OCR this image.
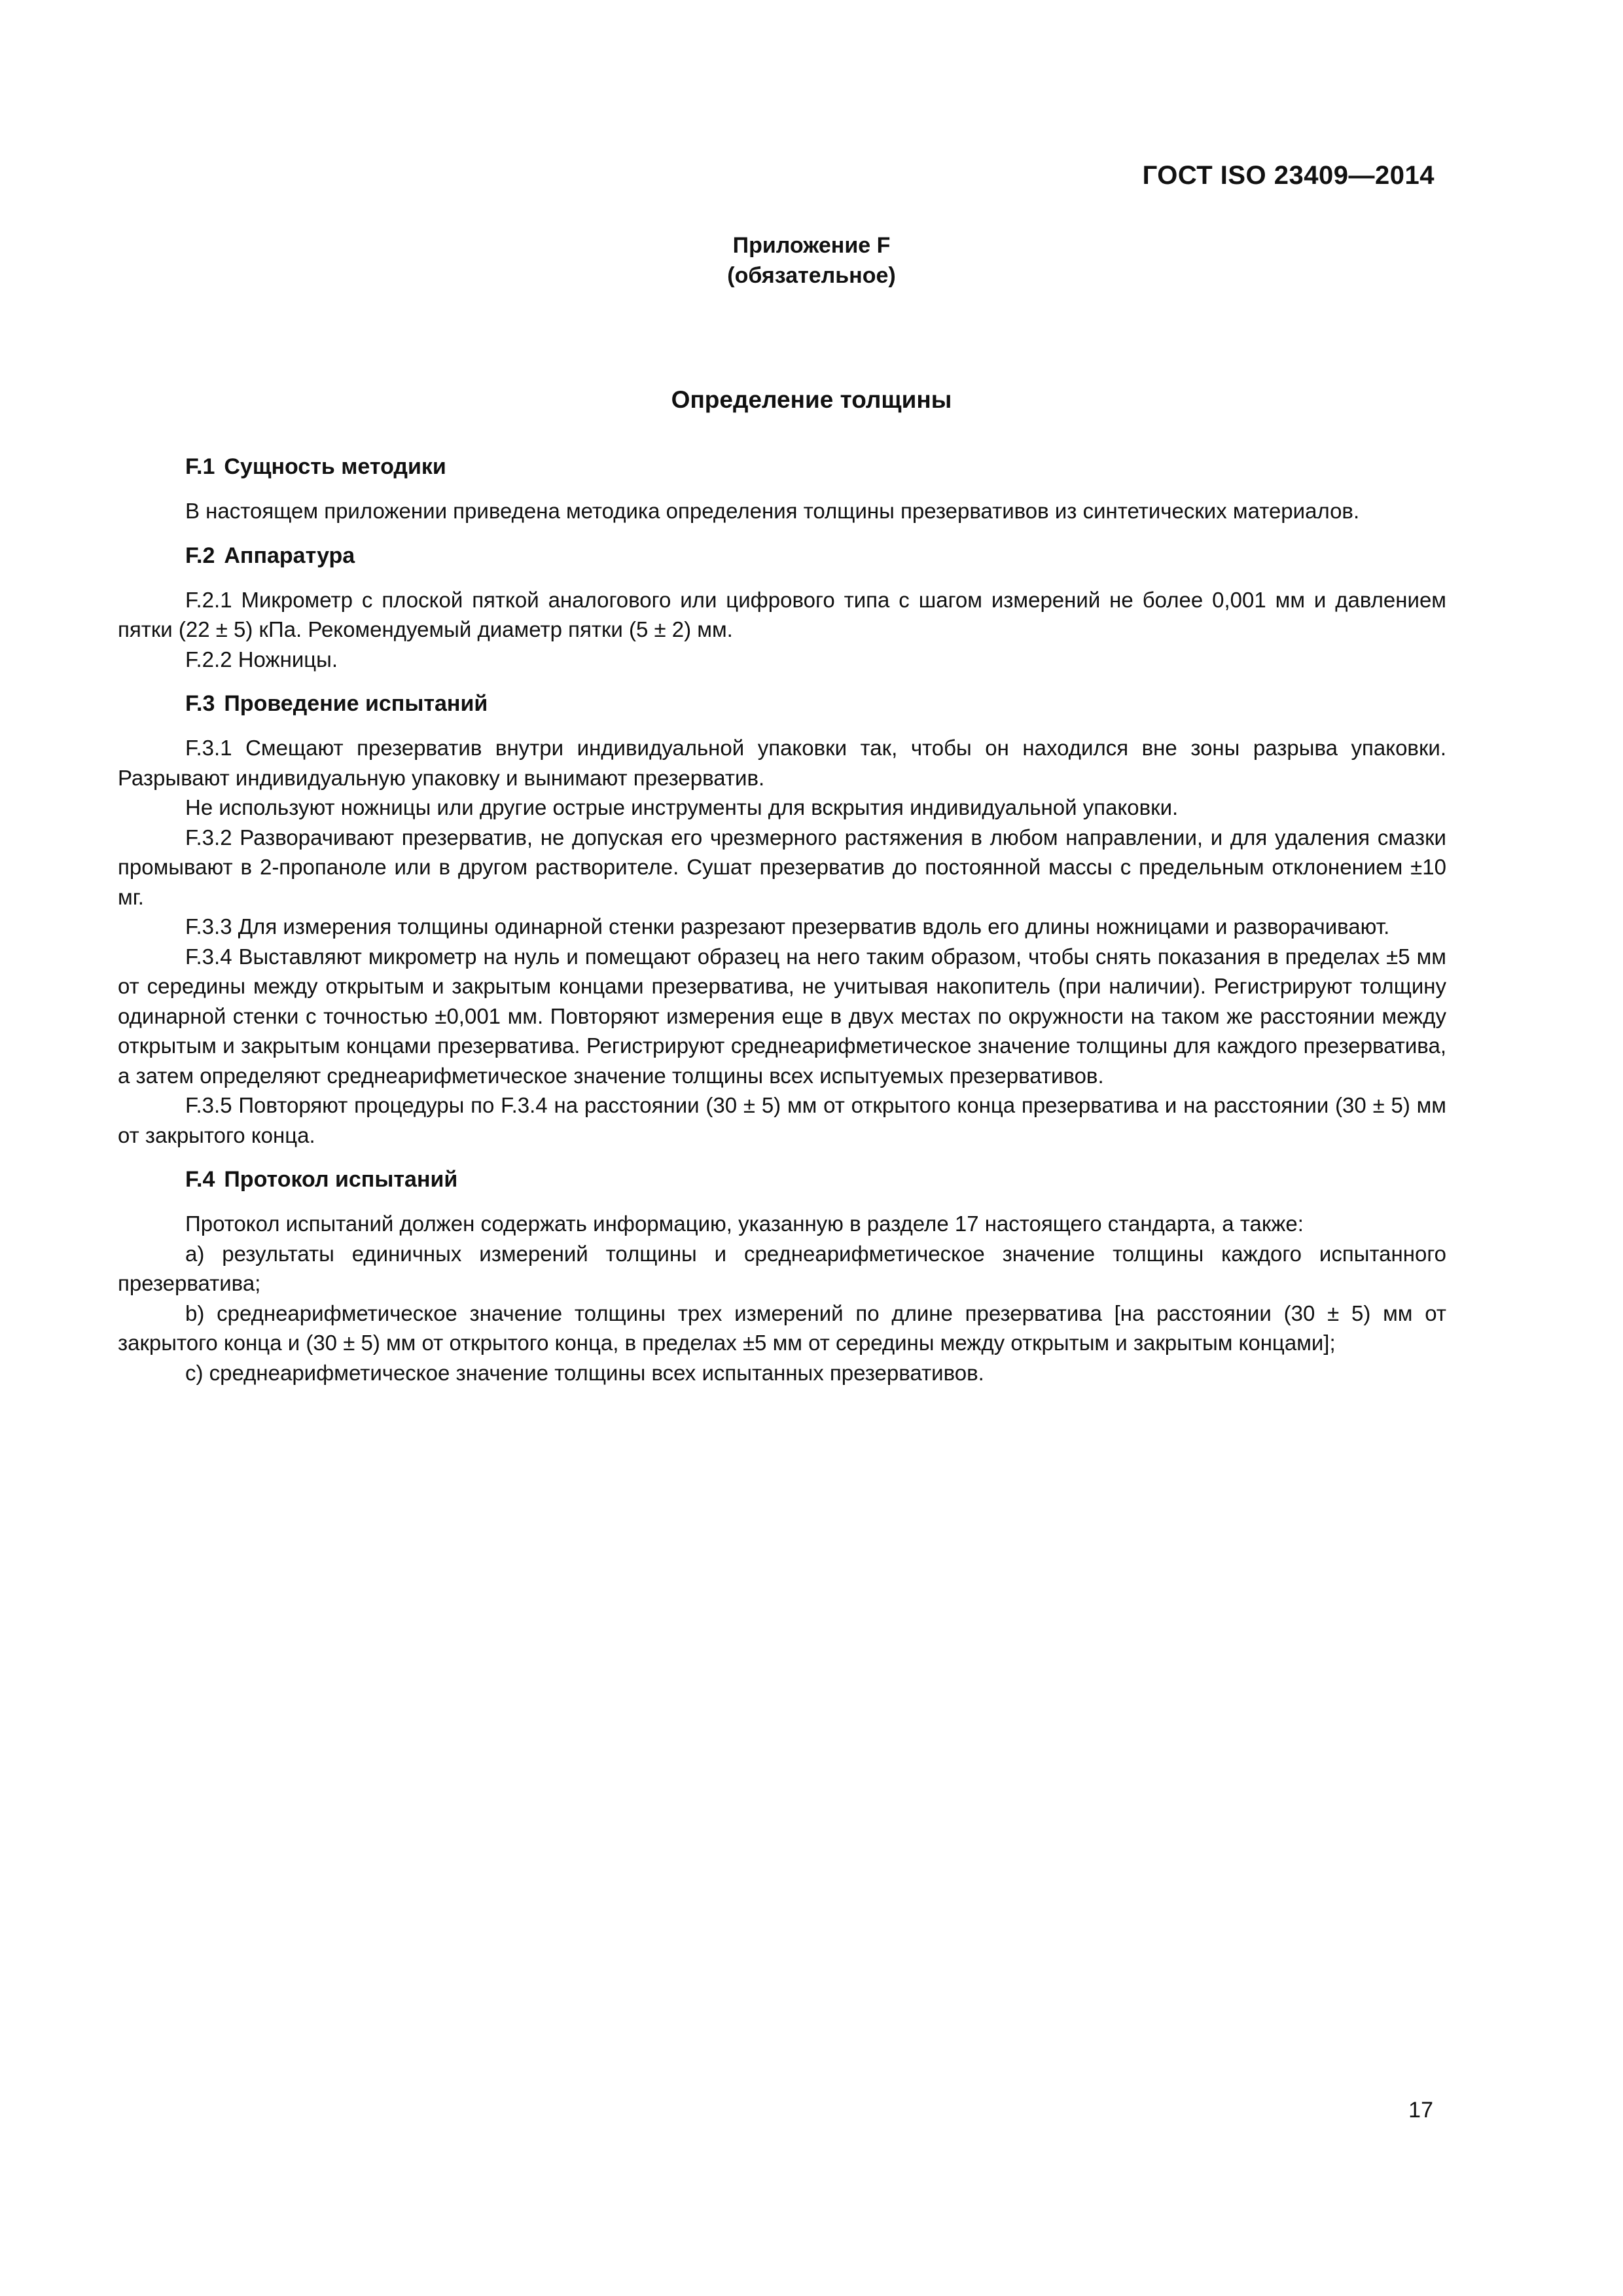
ГОСТ ISO 23409—2014
Приложение F
(обязательное)
Определение толщины
F.1 Сущность методики

В настоящем приложении приведена методика определения толщины презервативов из синтетических материалов.

F.2 Аппаратура

F.2.1 Микрометр с плоской пяткой аналогового или цифрового типа с шагом измерений не более 0,001 мм и давлением пятки (22 ± 5) кПа. Рекомендуемый диаметр пятки (5 ± 2) мм.

F.2.2 Ножницы.

F.3 Проведение испытаний

F.3.1 Смещают презерватив внутри индивидуальной упаковки так, чтобы он находился вне зоны разрыва упаковки. Разрывают индивидуальную упаковку и вынимают презерватив.

Не используют ножницы или другие острые инструменты для вскрытия индивидуальной упаковки.

F.3.2 Разворачивают презерватив, не допуская его чрезмерного растяжения в любом направлении, и для удаления смазки промывают в 2-пропаноле или в другом растворителе. Сушат презерватив до постоянной массы с предельным отклонением ±10 мг.

F.3.3 Для измерения толщины одинарной стенки разрезают презерватив вдоль его длины ножницами и разворачивают.

F.3.4 Выставляют микрометр на нуль и помещают образец на него таким образом, чтобы снять показания в пределах ±5 мм от середины между открытым и закрытым концами презерватива, не учитывая накопитель (при наличии). Регистрируют толщину одинарной стенки с точностью ±0,001 мм. Повторяют измерения еще в двух местах по окружности на таком же расстоянии между открытым и закрытым концами презерватива. Регистрируют среднеарифметическое значение толщины для каждого презерватива, а затем определяют среднеарифметическое значение толщины всех испытуемых презервативов.

F.3.5 Повторяют процедуры по F.3.4 на расстоянии (30 ± 5) мм от открытого конца презерватива и на расстоянии (30 ± 5) мм от закрытого конца.

F.4 Протокол испытаний

Протокол испытаний должен содержать информацию, указанную в разделе 17 настоящего стандарта, а также:

a) результаты единичных измерений толщины и среднеарифметическое значение толщины каждого испытанного презерватива;

b) среднеарифметическое значение толщины трех измерений по длине презерватива [на расстоянии (30 ± 5) мм от закрытого конца и (30 ± 5) мм от открытого конца, в пределах ±5 мм от середины между открытым и закрытым концами];

c) среднеарифметическое значение толщины всех испытанных презервативов.

17
